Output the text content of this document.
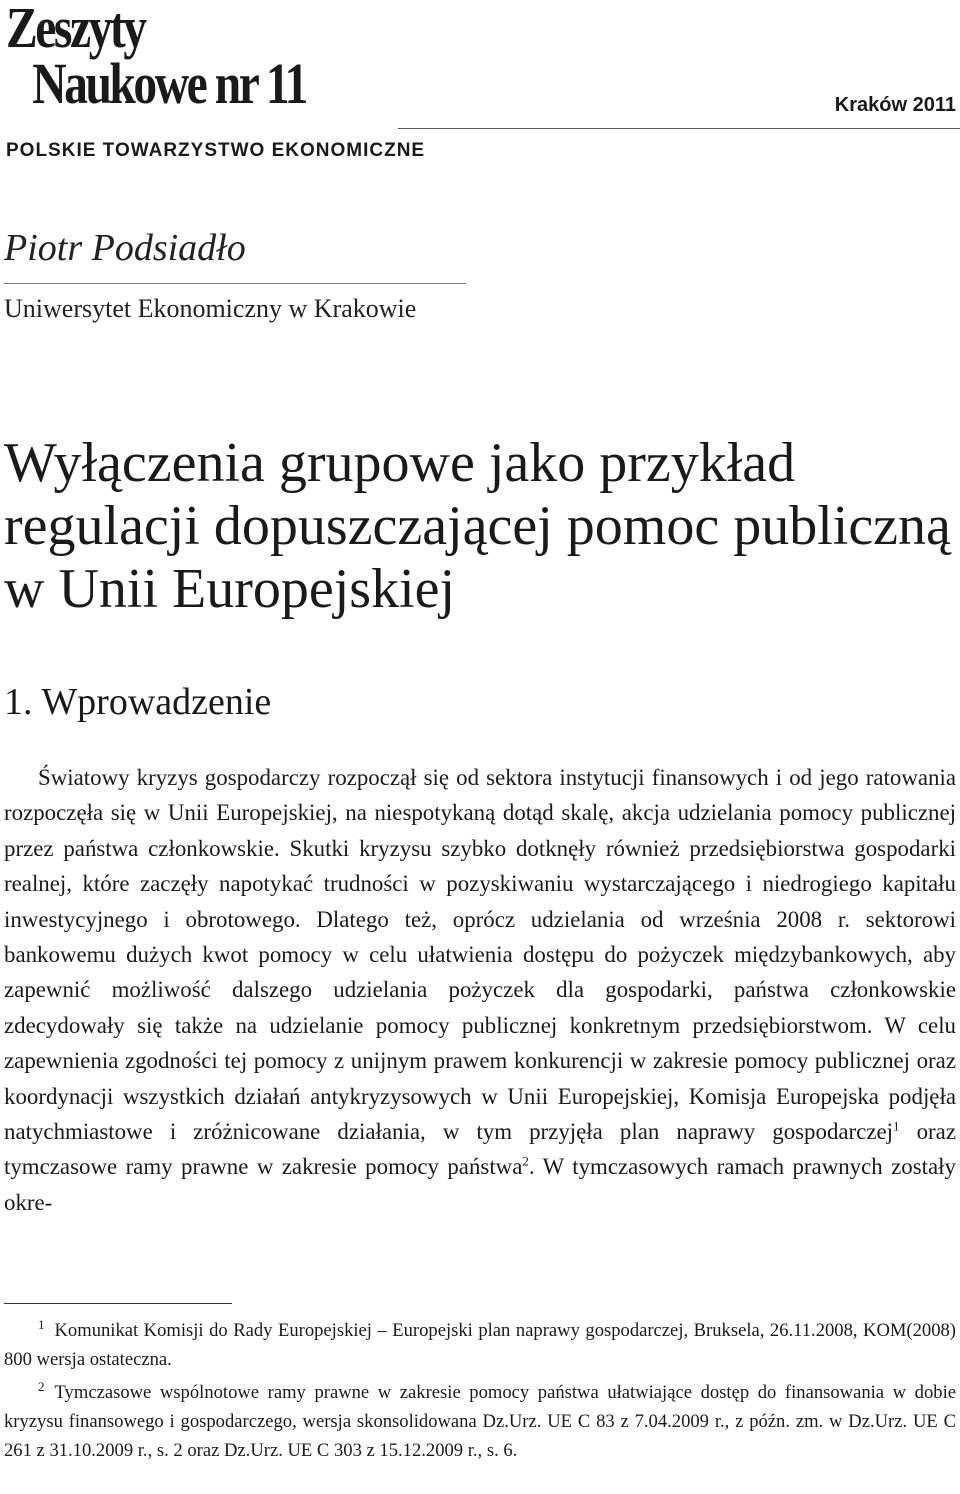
Zeszyty
Naukowe nr 11	Kraków 2011
POLSKIE TOWARZYSTWO EKONOMICZNE
Piotr Podsiadło
Uniwersytet Ekonomiczny w Krakowie
Wyłączenia grupowe jako przykład regulacji dopuszczającej pomoc publiczną w Unii Europejskiej
1. Wprowadzenie
Światowy kryzys gospodarczy rozpoczął się od sektora instytucji finansowych i od jego ratowania rozpoczęła się w Unii Europejskiej, na niespotykaną dotąd skalę, akcja udzielania pomocy publicznej przez państwa członkowskie. Skutki kryzysu szybko dotknęły również przedsiębiorstwa gospodarki realnej, które zaczęły napotykać trudności w pozyskiwaniu wystarczającego i niedrogiego kapitału inwestycyjnego i obrotowego. Dlatego też, oprócz udzielania od września 2008 r. sektorowi bankowemu dużych kwot pomocy w celu ułatwienia dostępu do pożyczek międzybankowych, aby zapewnić możliwość dalszego udzielania pożyczek dla gospodarki, państwa członkowskie zdecydowały się także na udzielanie pomocy publicznej konkretnym przedsiębiorstwom. W celu zapewnienia zgodności tej pomocy z unijnym prawem konkurencji w zakresie pomocy publicznej oraz koordynacji wszystkich działań antykryzysowych w Unii Europejskiej, Komisja Europejska podjęła natychmiastowe i zróżnicowane działania, w tym przyjęła plan naprawy gospodarczej$^1$ oraz tymczasowe ramy prawne w zakresie pomocy państwa$^2$. W tymczasowych ramach prawnych zostały okre-
$^1$ Komunikat Komisji do Rady Europejskiej – Europejski plan naprawy gospodarczej, Bruksela, 26.11.2008, KOM(2008) 800 wersja ostateczna.
$^2$ Tymczasowe wspólnotowe ramy prawne w zakresie pomocy państwa ułatwiające dostęp do finansowania w dobie kryzysu finansowego i gospodarczego, wersja skonsolidowana Dz.Urz. UE C 83 z 7.04.2009 r., z późn. zm. w Dz.Urz. UE C 261 z 31.10.2009 r., s. 2 oraz Dz.Urz. UE C 303 z 15.12.2009 r., s. 6.
